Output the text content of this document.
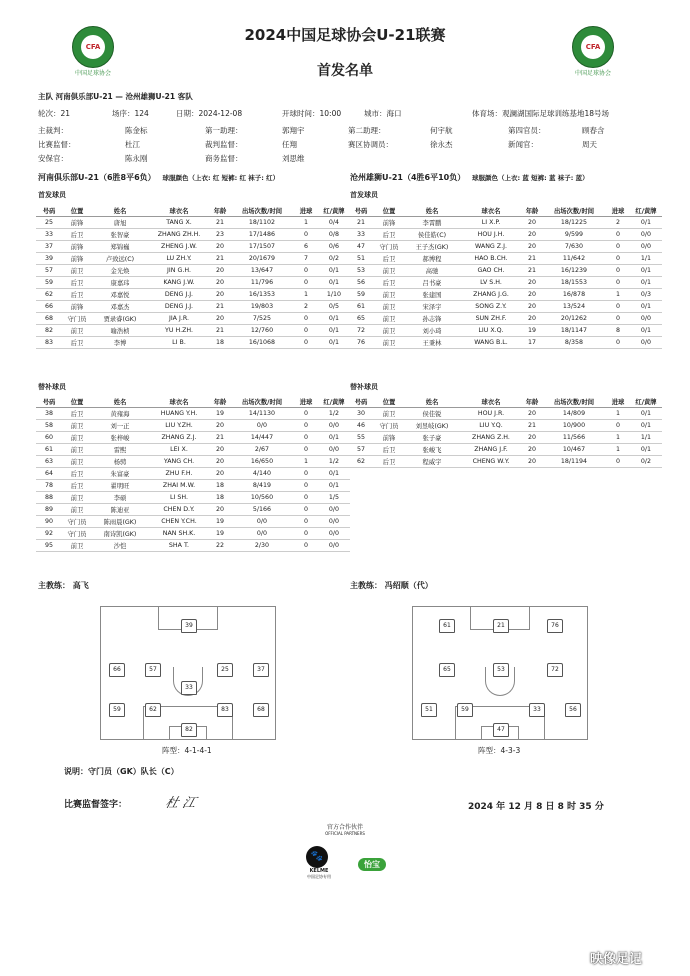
CFA
中国足球协会
CFA
中国足球协会
2024中国足球协会U-21联赛
首发名单
主队 河南俱乐部U-21 — 沧州雄狮U-21 客队
轮次：21	场序：124	日期：2024-12-08	开球时间：10:00	城市：海口	体育场：观澜湖国际足球训练基地18号场
主裁判：	陈金标	第一助理：	郭翔宇	第二助理：	何宇航	第四官员：	顾春含
比赛监督：	杜江	裁判监督：	任翔	赛区协调员：	徐永杰	新闻官：	周天
安保官：	陈永刚	商务监督：	刘思维
河南俱乐部U-21（6胜8平6负） 球服颜色（上衣: 红 短裤: 红 袜子: 红）	沧州雄狮U-21（4胜6平10负） 球服颜色（上衣: 蓝 短裤: 蓝 袜子: 蓝）
首发球员	首发球员
号码	位置	姓名	球衣名	年龄	出场次数/时间	进球	红/黄牌
25	前锋	唐旭	TANG X.	21	18/1102	1	0/4
33	后卫	张智豪	ZHANG ZH.H.	23	17/1486	0	0/8
37	前锋	郑锦巍	ZHENG J.W.	20	17/1507	6	0/6
39	前锋	卢致远(C)	LU ZH.Y.	21	20/1679	7	0/2
57	前卫	金光焕	JIN G.H.	20	13/647	0	0/1
59	后卫	康嘉玮	KANG J.W.	20	11/796	0	0/1
62	后卫	邓嘉悦	DENG J.J.	20	16/1353	1	1/10
66	前锋	邓嘉杰	DENG J.J.	21	19/803	2	0/5
68	守门员	贾录睿(GK)	JIA J.R.	20	7/525	0	0/1
82	前卫	喻浩桢	YU H.ZH.	21	12/760	0	0/1
83	后卫	李博	LI B.	18	16/1068	0	0/1
号码	位置	姓名	球衣名	年龄	出场次数/时间	进球	红/黄牌
21	前锋	李霄鹏	LI X.P.	20	18/1225	2	0/1
33	后卫	侯佳皓(C)	HOU J.H.	20	9/599	0	0/0
47	守门员	王子杰(GK)	WANG Z.J.	20	7/630	0	0/0
51	后卫	郝博程	HAO B.CH.	21	11/642	0	1/1
53	前卫	高驰	GAO CH.	21	16/1239	0	0/1
56	后卫	吕书豪	LV S.H.	20	18/1553	0	0/1
59	前卫	张建国	ZHANG J.G.	20	16/878	1	0/3
61	前卫	宋泽宇	SONG Z.Y.	20	13/524	0	0/1
65	前卫	孙志锋	SUN ZH.F.	20	20/1262	0	0/0
72	前卫	刘小琦	LIU X.Q.	19	18/1147	8	0/1
76	前卫	王秉林	WANG B.L.	17	8/358	0	0/0
替补球员	替补球员
号码	位置	姓名	球衣名	年龄	出场次数/时间	进球	红/黄牌
38	后卫	黄雍海	HUANG Y.H.	19	14/1130	0	1/2
58	前卫	刘一正	LIU Y.ZH.	20	0/0	0	0/0
60	前卫	张梓峻	ZHANG Z.J.	21	14/447	0	0/1
61	前卫	雷熙	LEI X.	20	2/67	0	0/0
63	前卫	杨骋	YANG CH.	20	16/650	1	1/2
64	后卫	朱富豪	ZHU F.H.	20	4/140	0	0/1
78	后卫	翟明旺	ZHAI M.W.	18	8/419	0	0/1
88	前卫	李硕	LI SH.	18	10/560	0	1/5
89	前卫	陈迪亚	CHEN D.Y.	20	5/166	0	0/0
90	守门员	陈雨晨(GK)	CHEN Y.CH.	19	0/0	0	0/0
92	守门员	南诗凯(GK)	NAN SH.K.	19	0/0	0	0/0
95	前卫	沙恺	SHA T.	22	2/30	0	0/0
号码	位置	姓名	球衣名	年龄	出场次数/时间	进球	红/黄牌
30	前卫	侯佳锐	HOU J.R.	20	14/809	1	0/1
46	守门员	刘昱岐(GK)	LIU Y.Q.	21	10/900	0	0/1
55	前锋	张子豪	ZHANG Z.H.	20	11/566	1	1/1
57	后卫	张峻飞	ZHANG J.F.	20	10/467	1	0/1
62	后卫	程威宇	CHENG W.Y.	20	18/1194	0	0/2
主教练： 高飞	主教练： 冯绍顺（代）
39
66	57	25	37
33
59	62	83	68
82
61	21	76
65	53	72
51	59	33	56
47
阵型：4-1-4-1	阵型：4-3-3
说明：守门员（GK）队长（C）
比赛监督签字：	杜 江	2024 年 12 月 8 日 8 时 35 分
官方合作伙伴
OFFICIAL PARTNERS
🐾
KELME
中国足协专用
怡宝
映像足记
